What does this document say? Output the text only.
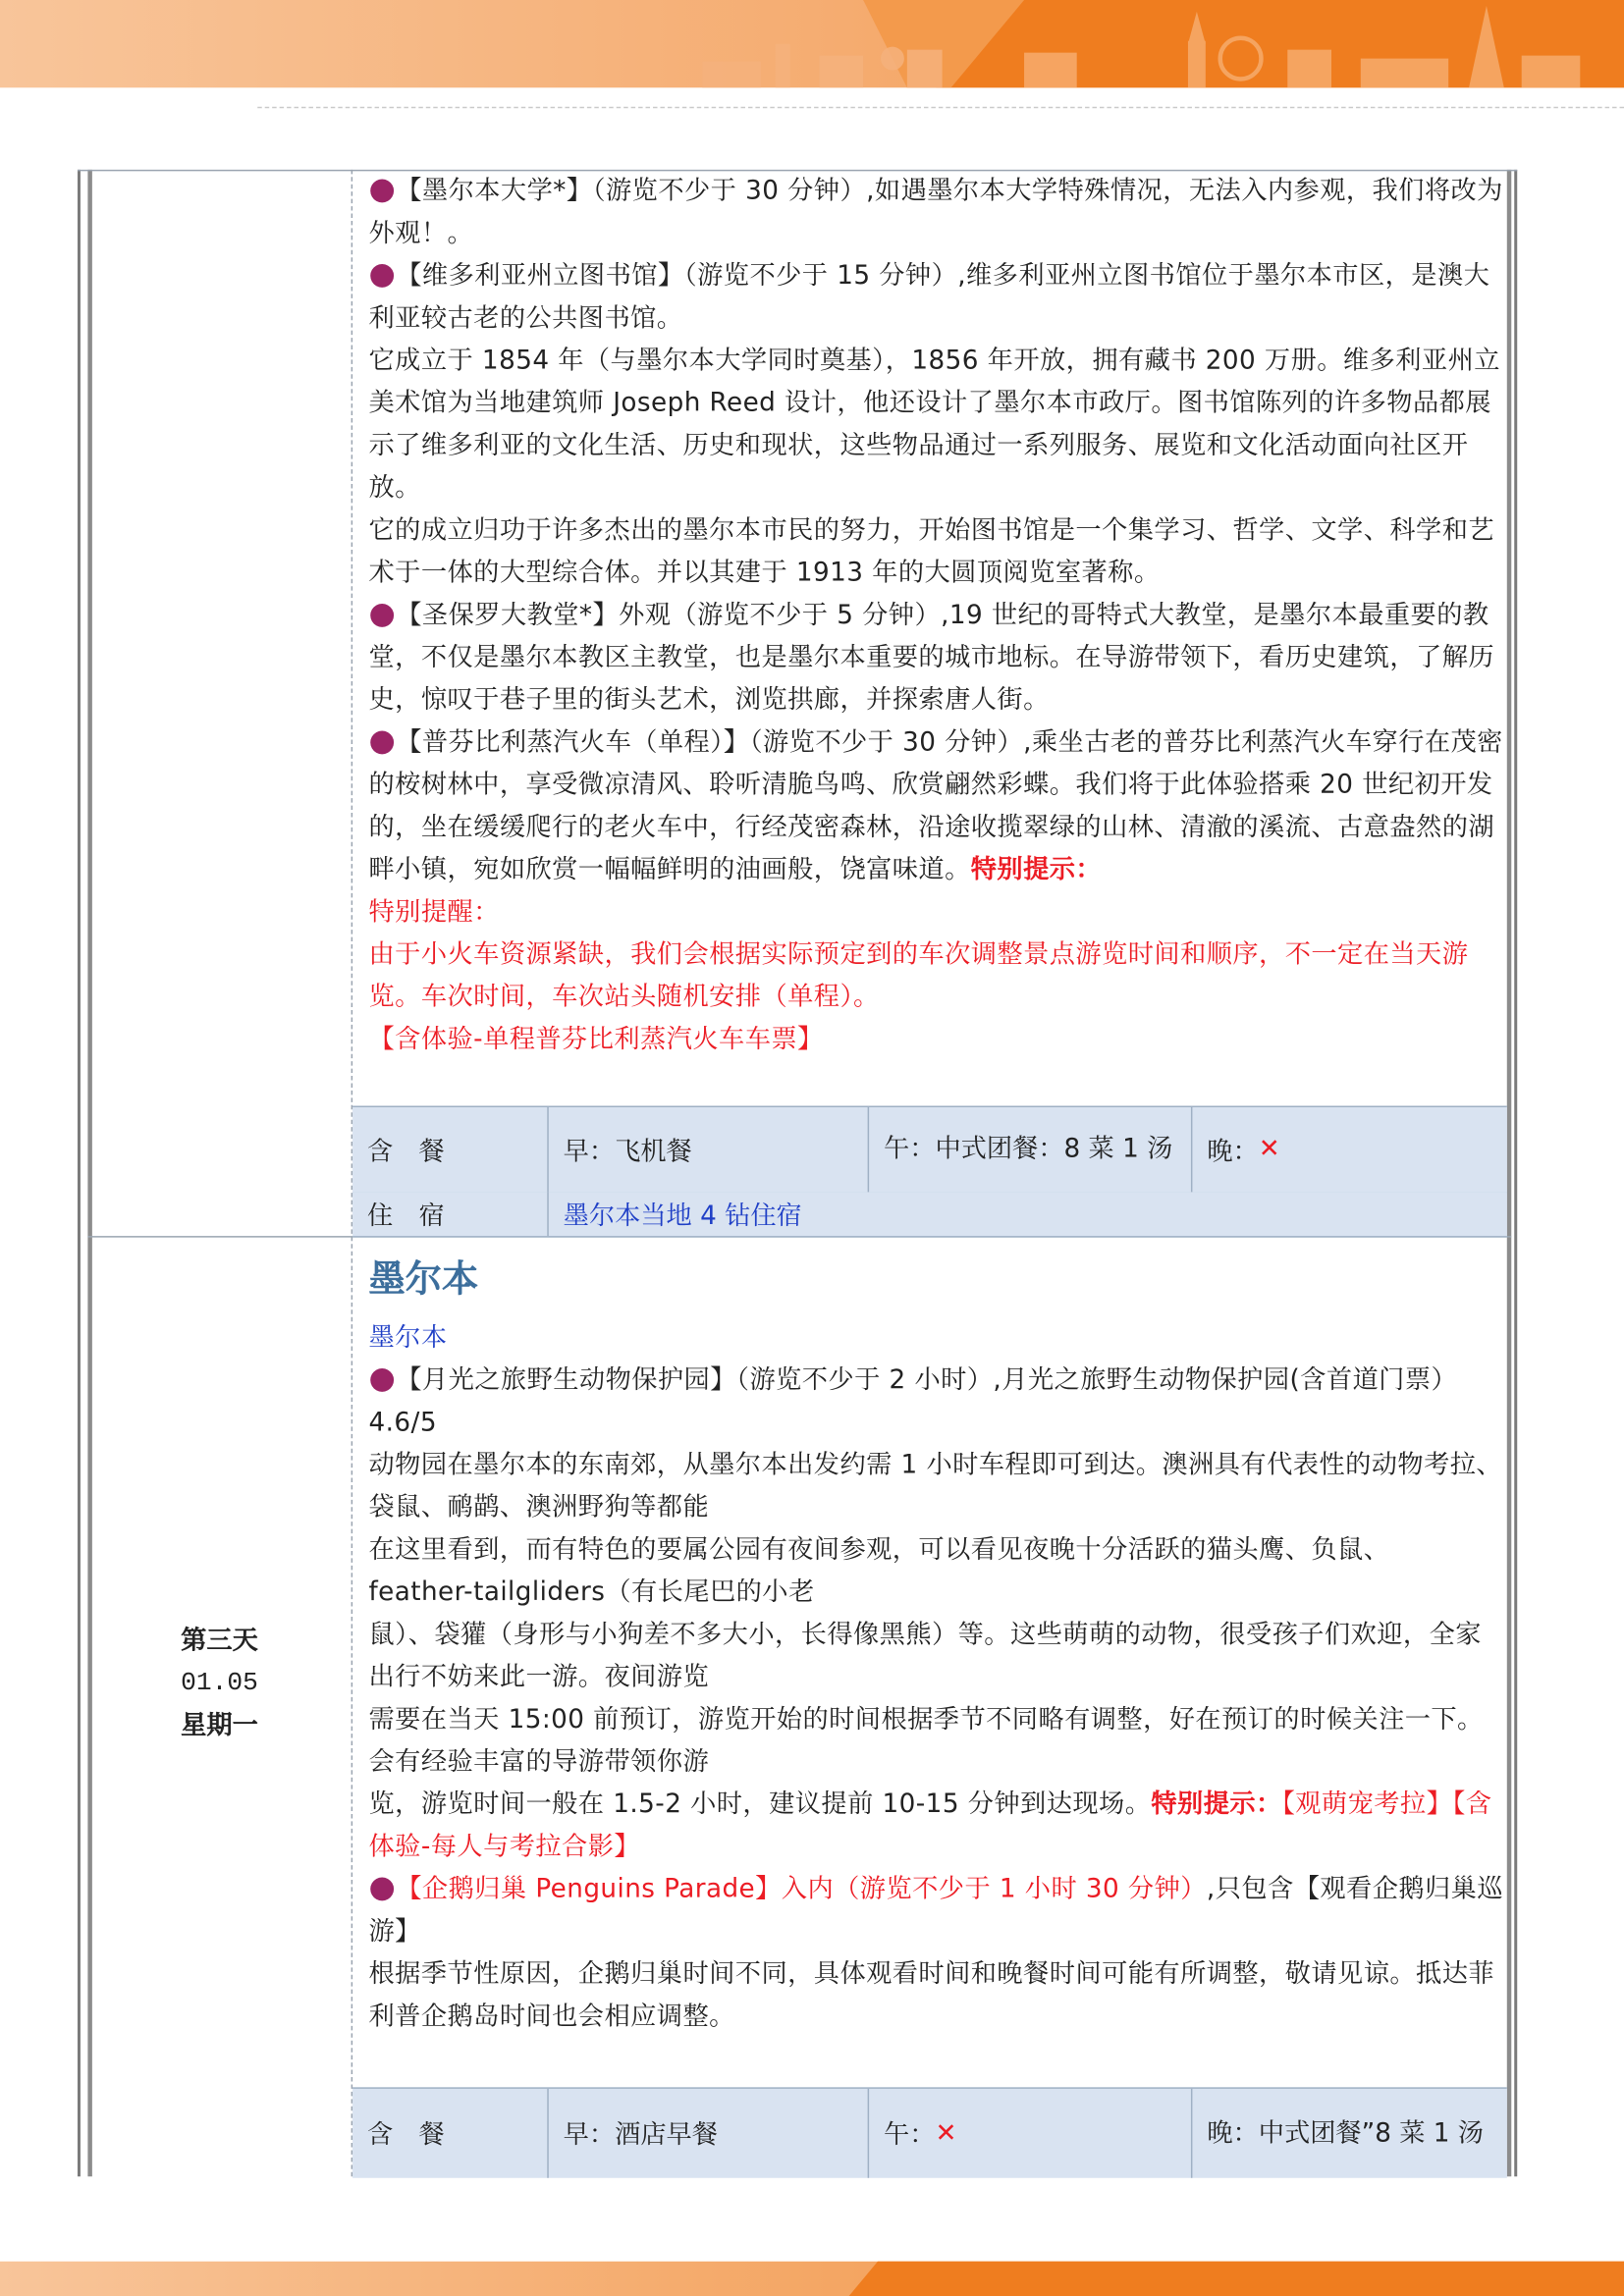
●【墨尔本大学*】（游览不少于 30 分钟）,如遇墨尔本大学特殊情况，无法入内参观，我们将改为外观！。

●【维多利亚州立图书馆】（游览不少于 15 分钟）,维多利亚州立图书馆位于墨尔本市区，是澳大利亚较古老的公共图书馆。

它成立于 1854 年（与墨尔本大学同时奠基），1856 年开放，拥有藏书 200 万册。维多利亚州立美术馆为当地建筑师 Joseph Reed 设计，他还设计了墨尔本市政厅。图书馆陈列的许多物品都展示了维多利亚的文化生活、历史和现状，这些物品通过一系列服务、展览和文化活动面向社区开放。

它的成立归功于许多杰出的墨尔本市民的努力，开始图书馆是一个集学习、哲学、文学、科学和艺术于一体的大型综合体。并以其建于 1913 年的大圆顶阅览室著称。

●【圣保罗大教堂*】外观（游览不少于 5 分钟）,19 世纪的哥特式大教堂，是墨尔本最重要的教堂，不仅是墨尔本教区主教堂，也是墨尔本重要的城市地标。在导游带领下，看历史建筑，了解历史，惊叹于巷子里的街头艺术，浏览拱廊，并探索唐人街。

●【普芬比利蒸汽火车（单程）】（游览不少于 30 分钟）,乘坐古老的普芬比利蒸汽火车穿行在茂密的桉树林中，享受微凉清风、聆听清脆鸟鸣、欣赏翩然彩蝶。我们将于此体验搭乘 20 世纪初开发的，坐在缓缓爬行的老火车中，行经茂密森林，沿途收揽翠绿的山林、清澈的溪流、古意盎然的湖畔小镇，宛如欣赏一幅幅鲜明的油画般，饶富味道。特别提示：

特别提醒：

由于小火车资源紧缺，我们会根据实际预定到的车次调整景点游览时间和顺序，不一定在当天游览。车次时间，车次站头随机安排（单程）。

【含体验-单程普芬比利蒸汽火车车票】

含　餐	早：飞机餐	午：中式团餐：8 菜 1 汤 晚： ✕
住　宿	墨尔本当地 4 钻住宿
第三天
01.05
星期一
墨尔本

墨尔本

●【月光之旅野生动物保护园】（游览不少于 2 小时）,月光之旅野生动物保护园(含首道门票）4.6/5

动物园在墨尔本的东南郊，从墨尔本出发约需 1 小时车程即可到达。澳洲具有代表性的动物考拉、袋鼠、鸸鹋、澳洲野狗等都能

在这里看到，而有特色的要属公园有夜间参观，可以看见夜晚十分活跃的猫头鹰、负鼠、

feather-tailgliders（有长尾巴的小老

鼠）、袋獾（身形与小狗差不多大小，长得像黑熊）等。这些萌萌的动物，很受孩子们欢迎，全家出行不妨来此一游。夜间游览

需要在当天 15:00 前预订，游览开始的时间根据季节不同略有调整，好在预订的时候关注一下。会有经验丰富的导游带领你游

览，游览时间一般在 1.5-2 小时，建议提前 10-15 分钟到达现场。特别提示：【观萌宠考拉】【含体验-每人与考拉合影】

●【企鹅归巢 Penguins Parade】入内（游览不少于 1 小时 30 分钟）,只包含【观看企鹅归巢巡游】

根据季节性原因，企鹅归巢时间不同，具体观看时间和晚餐时间可能有所调整，敬请见谅。抵达菲利普企鹅岛时间也会相应调整。

含　餐	早：酒店早餐	午： ✕	晚：中式团餐”8 菜 1 汤
